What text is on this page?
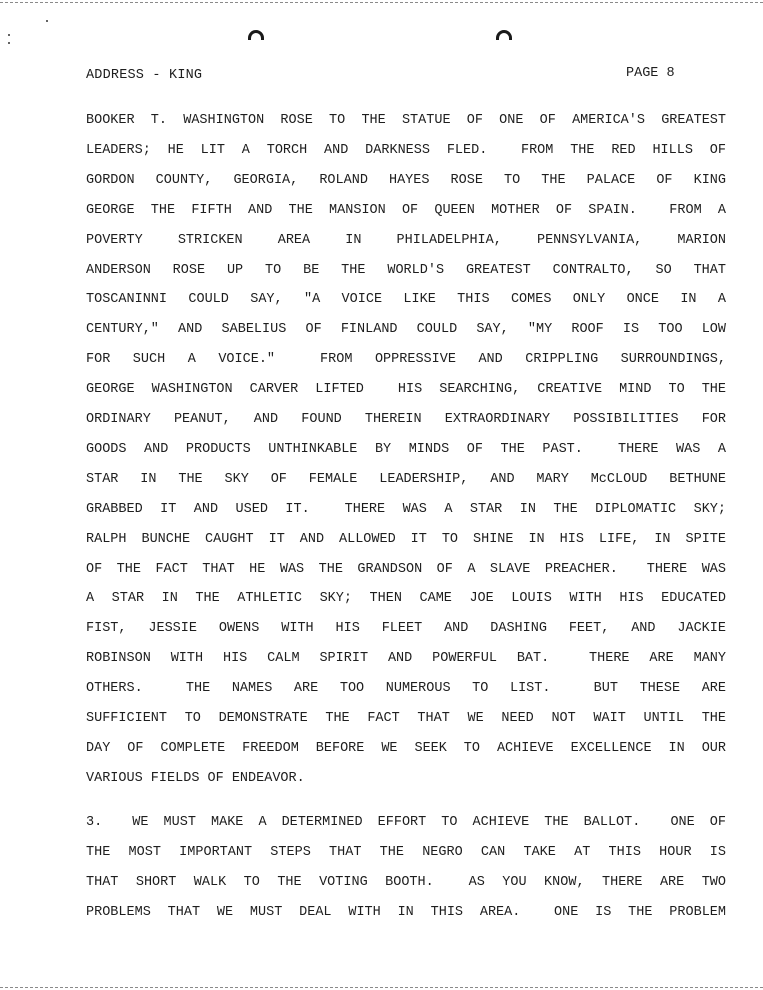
ADDRESS - KING	PAGE 8
BOOKER T. WASHINGTON ROSE TO THE STATUE OF ONE OF AMERICA'S GREATEST
LEADERS; HE LIT A TORCH AND DARKNESS FLED.  FROM THE RED HILLS OF
GORDON COUNTY, GEORGIA, ROLAND HAYES ROSE TO THE PALACE OF KING
GEORGE THE FIFTH AND THE MANSION OF QUEEN MOTHER OF SPAIN.  FROM A
POVERTY STRICKEN AREA IN PHILADELPHIA, PENNSYLVANIA, MARION
ANDERSON ROSE UP TO BE THE WORLD'S GREATEST CONTRALTO, SO THAT
TOSCANINNI COULD SAY, "A VOICE LIKE THIS COMES ONLY ONCE IN A
CENTURY," AND SABELIUS OF FINLAND COULD SAY, "MY ROOF IS TOO LOW
FOR SUCH A VOICE."  FROM OPPRESSIVE AND CRIPPLING SURROUNDINGS,
GEORGE WASHINGTON CARVER LIFTED  HIS SEARCHING, CREATIVE MIND TO THE
ORDINARY PEANUT, AND FOUND THEREIN EXTRAORDINARY POSSIBILITIES FOR
GOODS AND PRODUCTS UNTHINKABLE BY MINDS OF THE PAST.  THERE WAS A
STAR IN THE SKY OF FEMALE LEADERSHIP, AND MARY McCLOUD BETHUNE
GRABBED IT AND USED IT.  THERE WAS A STAR IN THE DIPLOMATIC SKY;
RALPH BUNCHE CAUGHT IT AND ALLOWED IT TO SHINE IN HIS LIFE, IN SPITE
OF THE FACT THAT HE WAS THE GRANDSON OF A SLAVE PREACHER.  THERE WAS
A STAR IN THE ATHLETIC SKY; THEN CAME JOE LOUIS WITH HIS EDUCATED
FIST, JESSIE OWENS WITH HIS FLEET AND DASHING FEET, AND JACKIE
ROBINSON WITH HIS CALM SPIRIT AND POWERFUL BAT.  THERE ARE MANY
OTHERS.  THE NAMES ARE TOO NUMEROUS TO LIST.  BUT THESE ARE
SUFFICIENT TO DEMONSTRATE THE FACT THAT WE NEED NOT WAIT UNTIL THE
DAY OF COMPLETE FREEDOM BEFORE WE SEEK TO ACHIEVE EXCELLENCE IN OUR
VARIOUS FIELDS OF ENDEAVOR.
3.  WE MUST MAKE A DETERMINED EFFORT TO ACHIEVE THE BALLOT.  ONE OF
THE MOST IMPORTANT STEPS THAT THE NEGRO CAN TAKE AT THIS HOUR IS
THAT SHORT WALK TO THE VOTING BOOTH.  AS YOU KNOW, THERE ARE TWO
PROBLEMS THAT WE MUST DEAL WITH IN THIS AREA.  ONE IS THE PROBLEM
